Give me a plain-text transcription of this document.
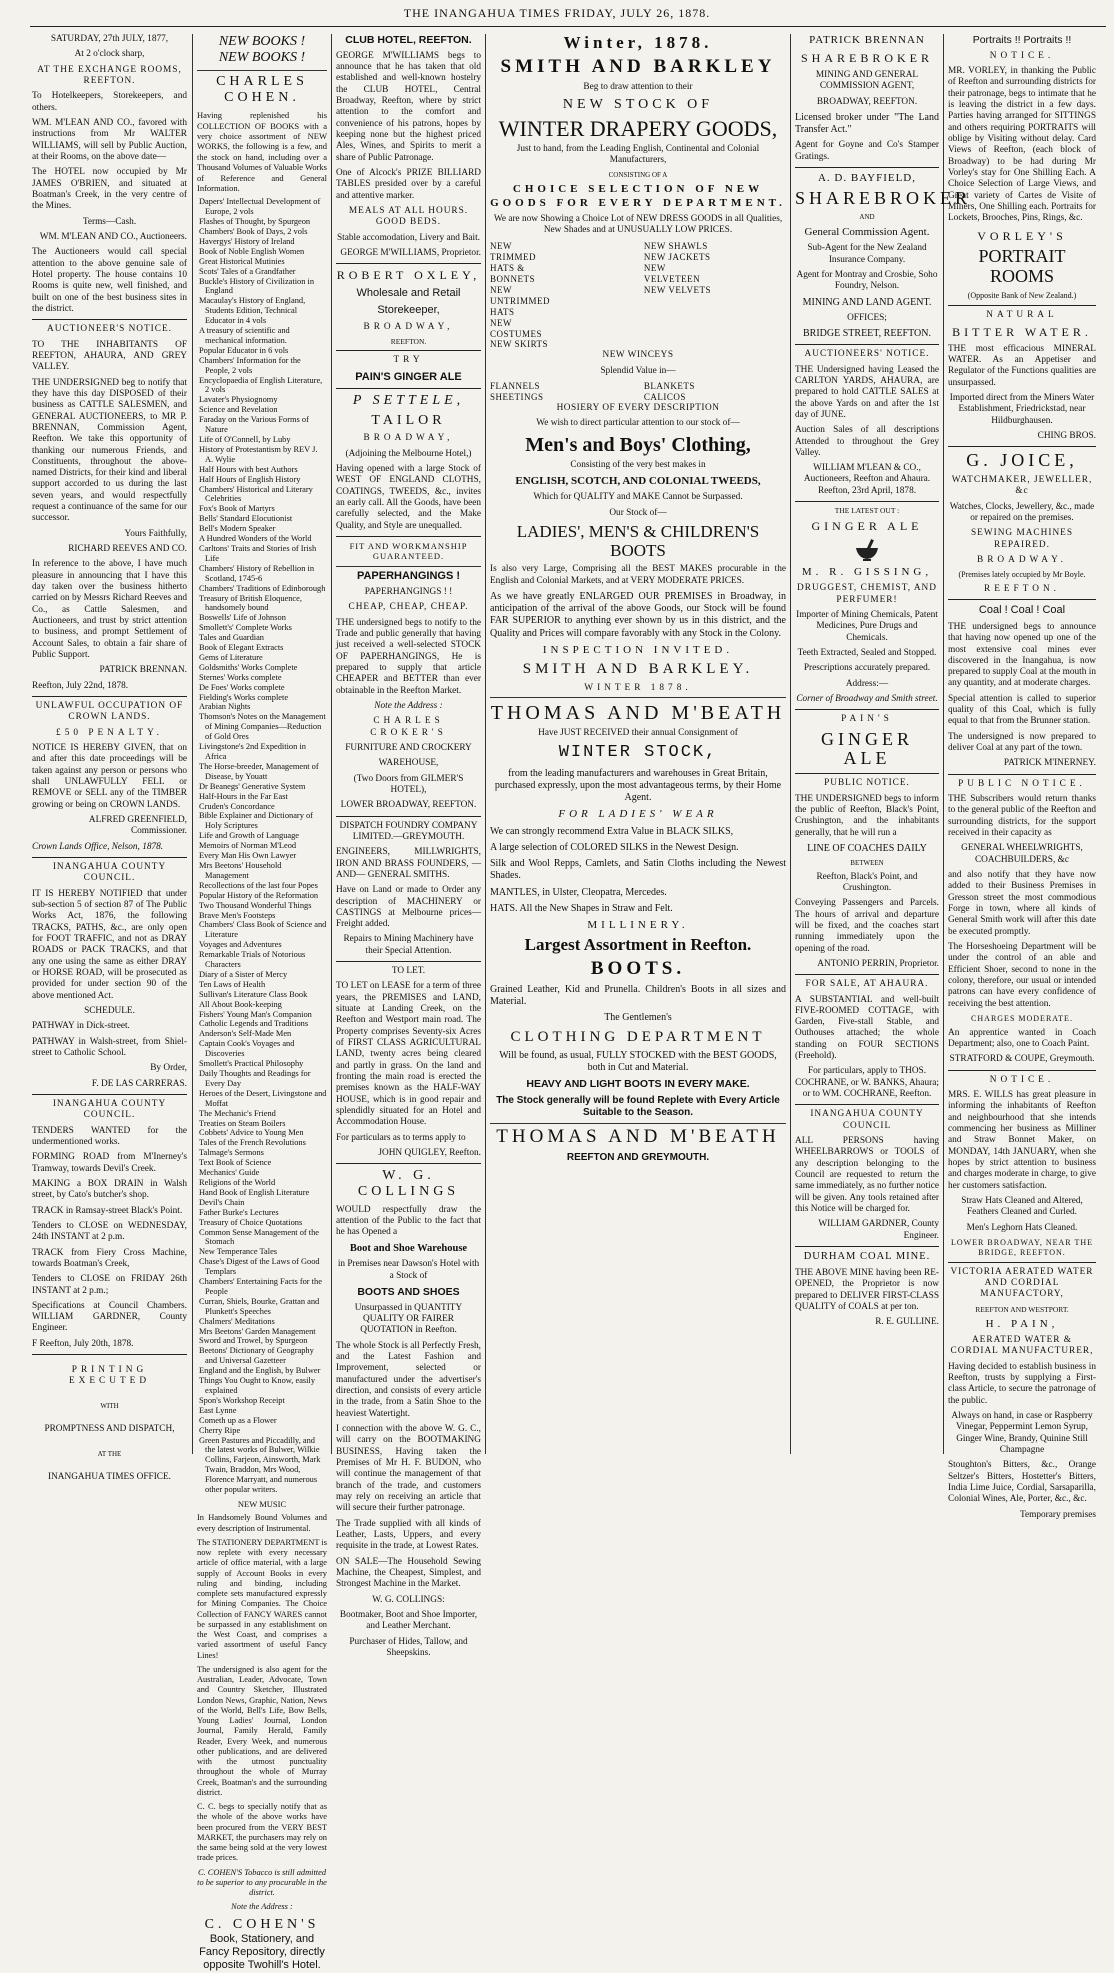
THE INANGAHUA TIMES FRIDAY, JULY 26, 1878.

SATURDAY, 27th JULY, 1877,

At 2 o'clock sharp,

AT THE EXCHANGE ROOMS, REEFTON.

To Hotelkeepers, Storekeepers, and others.

WM. M'LEAN AND CO., favored with instructions from Mr WALTER WILLIAMS, will sell by Public Auction, at their Rooms, on the above date—

The HOTEL now occupied by Mr JAMES O'BRIEN, and situated at Boatman's Creek, in the very centre of the Mines.

Terms—Cash.

WM. M'LEAN AND CO., Auctioneers.

The Auctioneers would call special attention to the above genuine sale of Hotel property. The house contains 10 Rooms is quite new, well finished, and built on one of the best business sites in the district.

AUCTIONEER'S NOTICE.

TO THE INHABITANTS OF REEFTON, AHAURA, AND GREY VALLEY.

THE UNDERSIGNED beg to notify that they have this day DISPOSED of their business as CATTLE SALESMEN, and GENERAL AUCTIONEERS, to MR P. BRENNAN, Commission Agent, Reefton. We take this opportunity of thanking our numerous Friends, and Constituents, throughout the above-named Districts, for their kind and liberal support accorded to us during the last seven years, and would respectfully request a continuance of the same for our successor.

Yours Faithfully,

RICHARD REEVES AND CO.

In reference to the above, I have much pleasure in announcing that I have this day taken over the business hitherto carried on by Messrs Richard Reeves and Co., as Cattle Salesmen, and Auctioneers, and trust by strict attention to business, and prompt Settlement of Account Sales, to obtain a fair share of Public Support.

PATRICK BRENNAN.

Reefton, July 22nd, 1878.

UNLAWFUL OCCUPATION OF CROWN LANDS.

£50 PENALTY.

NOTICE IS HEREBY GIVEN, that on and after this date proceedings will be taken against any person or persons who shall UNLAWFULLY FELL or REMOVE or SELL any of the TIMBER growing or being on CROWN LANDS.

ALFRED GREENFIELD, Commissioner.

Crown Lands Office, Nelson, 1878.

INANGAHUA COUNTY COUNCIL.

IT IS HEREBY NOTIFIED that under sub-section 5 of section 87 of The Public Works Act, 1876, the following TRACKS, PATHS, &c., are only open for FOOT TRAFFIC, and not as DRAY ROADS or PACK TRACKS, and that any one using the same as either DRAY or HORSE ROAD, will be prosecuted as provided for under section 90 of the above mentioned Act.

SCHEDULE.

PATHWAY in Dick-street.

PATHWAY in Walsh-street, from Shiel-street to Catholic School.

By Order,

F. DE LAS CARRERAS.

INANGAHUA COUNTY COUNCIL.

TENDERS WANTED for the undermentioned works.

FORMING ROAD from M'Inerney's Tramway, towards Devil's Creek.

MAKING a BOX DRAIN in Walsh street, by Cato's butcher's shop.

TRACK in Ramsay-street Black's Point.

Tenders to CLOSE on WEDNESDAY, 24th INSTANT at 2 p.m.

TRACK from Fiery Cross Machine, towards Boatman's Creek,

Tenders to CLOSE on FRIDAY 26th INSTANT at 2 p.m.;

Specifications at Council Chambers. WILLIAM GARDNER, County Engineer.

F Reefton, July 20th, 1878.

PRINTING EXECUTED

WITH

PROMPTNESS AND DISPATCH,

AT THE

INANGAHUA TIMES OFFICE.

NEW BOOKS !

NEW BOOKS !

CHARLES COHEN.

Having replenished his COLLECTION OF BOOKS with a very choice assortment of NEW WORKS, the following is a few, and the stock on hand, including over a Thousand Volumes of Valuable Works of Reference and General Information.

Dapers' Intellectual Development of Europe, 2 vols
Flashes of Thought, by Spurgeon
Chambers' Book of Days, 2 vols
Havergys' History of Ireland
Book of Noble English Women
Great Historical Mutinies
Scots' Tales of a Grandfather
Buckle's History of Civilization in England
Macaulay's History of England, Students Edition, Technical Educator in 4 vols
A treasury of scientific and mechanical information.
Popular Educator in 6 vols
Chambers' Information for the People, 2 vols
Encyclopaedia of English Literature, 2 vols
Lavater's Physiognomy
Science and Revelation
Faraday on the Various Forms of Nature
Life of O'Connell, by Luby
History of Protestantism by REV J. A. Wylie
Half Hours with best Authors
Half Hours of English History
Chambers' Historical and Literary Celebrities
Fox's Book of Martyrs
Bells' Standard Elocutionist
Bell's Modern Speaker
A Hundred Wonders of the World
Carltons' Traits and Stories of Irish Life
Chambers' History of Rebellion in Scotland, 1745-6
Chambers' Traditions of Edinborough
Treasury of British Eloquence, handsomely bound
Boswells' Life of Johnson
Smollett's' Complete Works
Tales and Guardian
Book of Elegant Extracts
Gems of Literature
Goldsmiths' Works Complete
Sternes' Works complete
De Foes' Works complete
Fielding's Works complete
Arabian Nights
Thomson's Notes on the Management of Mining Companies—Reduction of Gold Ores
Livingstone's 2nd Expedition in Africa
The Horse-breeder, Management of Disease, by Youatt
Dr Beanegs' Generative System
Half-Hours in the Far East
Cruden's Concordance
Bible Explainer and Dictionary of Holy Scriptures
Life and Growth of Language
Memoirs of Norman M'Leod
Every Man His Own Lawyer
Mrs Beetons' Household Management
Recollections of the last four Popes
Popular History of the Reformation
Two Thousand Wonderful Things
Brave Men's Footsteps
Chambers' Class Book of Science and Literature
Voyages and Adventures
Remarkable Trials of Notorious Characters
Diary of a Sister of Mercy
Ten Laws of Health
Sullivan's Literature Class Book
All About Book-keeping
Fishers' Young Man's Companion
Catholic Legends and Traditions
Anderson's Self-Made Men
Captain Cook's Voyages and Discoveries
Smollett's Practical Philosophy
Daily Thoughts and Readings for Every Day
Heroes of the Desert, Livingstone and Moffat
The Mechanic's Friend
Treaties on Steam Boilers
Cobbets' Advice to Young Men
Tales of the French Revolutions
Talmage's Sermons
Text Book of Science
Mechanics' Guide
Religions of the World
Hand Book of English Literature
Devil's Chain
Father Burke's Lectures
Treasury of Choice Quotations
Common Sense Management of the Stomach
New Temperance Tales
Chase's Digest of the Laws of Good Templars
Chambers' Entertaining Facts for the People
Curran, Shiels, Bourke, Grattan and Plunkett's Speeches
Chalmers' Meditations
Mrs Beetons' Garden Management
Sword and Trowel, by Spurgeon
Beetons' Dictionary of Geography and Universal Gazetteer
England and the English, by Bulwer
Things You Ought to Know, easily explained
Spon's Workshop Receipt
East Lynne
Cometh up as a Flower
Cherry Ripe
Green Pastures and Piccadilly, and the latest works of Bulwer, Wilkie Collins, Farjeon, Ainsworth, Mark Twain, Braddon, Mrs Wood, Florence Marryatt, and numerous other popular writers.

NEW MUSIC

In Handsomely Bound Volumes and every description of Instrumental.

The STATIONERY DEPARTMENT is now replete with every necessary article of office material, with a large supply of Account Books in every ruling and binding, including complete sets manufactured expressly for Mining Companies. The Choice Collection of FANCY WARES cannot be surpassed in any establishment on the West Coast, and comprises a varied assortment of useful Fancy Lines!

The undersigned is also agent for the Australian, Leader, Advocate, Town and Country Sketcher, Illustrated London News, Graphic, Nation, News of the World, Bell's Life, Bow Bells, Young Ladies' Journal, London Journal, Family Herald, Family Reader, Every Week, and numerous other publications, and are delivered with the utmost punctuality throughout the whole of Murray Creek, Boatman's and the surrounding district.

C. C. begs to specially notify that as the whole of the above works have been procured from the VERY BEST MARKET, the purchasers may rely on the same being sold at the very lowest trade prices.

C. COHEN'S Tobacco is still admitted to be superior to any procurable in the district.

Note the Address :

C. COHEN'S

Book, Stationery, and Fancy Repository, directly opposite Twohill's Hotel.

CLUB HOTEL, REEFTON.

GEORGE M'WILLIAMS begs to announce that he has taken that old established and well-known hostelry the CLUB HOTEL, Central Broadway, Reefton, where by strict attention to the comfort and convenience of his patrons, hopes by keeping none but the highest priced Ales, Wines, and Spirits to merit a share of Public Patronage.

One of Alcock's PRIZE BILLIARD TABLES presided over by a careful and attentive marker.

MEALS AT ALL HOURS. GOOD BEDS.

Stable accomodation, Livery and Bait.

GEORGE M'WILLIAMS, Proprietor.

ROBERT OXLEY,

Wholesale and Retail

Storekeeper,

BROADWAY,

REEFTON.

TRY

PAIN'S GINGER ALE

P SETTELE,

TAILOR

BROADWAY,

(Adjoining the Melbourne Hotel,)

Having opened with a large Stock of WEST OF ENGLAND CLOTHS, COATINGS, TWEEDS, &c., invites an early call. All the Goods, have been carefully selected, and the Make Quality, and Style are unequalled.

FIT AND WORKMANSHIP GUARANTEED.

PAPERHANGINGS !

PAPERHANGINGS ! !

CHEAP, CHEAP, CHEAP.

THE undersigned begs to notify to the Trade and public generally that having just received a well-selected STOCK OF PAPERHANGINGS, He is prepared to supply that article CHEAPER and BETTER than ever obtainable in the Reefton Market.

Note the Address :

CHARLES CROKER'S

FURNITURE AND CROCKERY

WAREHOUSE,

(Two Doors from GILMER'S HOTEL),

LOWER BROADWAY, REEFTON.

DISPATCH FOUNDRY COMPANY LIMITED.—GREYMOUTH.

ENGINEERS, MILLWRIGHTS, IRON AND BRASS FOUNDERS, —AND— GENERAL SMITHS.

Have on Land or made to Order any description of MACHINERY or CASTINGS at Melbourne prices—Freight added.

Repairs to Mining Machinery have their Special Attention.

TO LET.

TO LET on LEASE for a term of three years, the PREMISES and LAND, situate at Landing Creek, on the Reefton and Westport main road. The Property comprises Seventy-six Acres of FIRST CLASS AGRICULTURAL LAND, twenty acres being cleared and partly in grass. On the land and fronting the main road is erected the premises known as the HALF-WAY HOUSE, which is in good repair and splendidly situated for an Hotel and Accommodation House.

For particulars as to terms apply to

JOHN QUIGLEY, Reefton.

W. G. COLLINGS

WOULD respectfully draw the attention of the Public to the fact that he has Opened a

Boot and Shoe Warehouse

in Premises near Dawson's Hotel with a Stock of

BOOTS AND SHOES

Unsurpassed in QUANTITY QUALITY OR FAIRER QUOTATION in Reefton.

The whole Stock is all Perfectly Fresh, and the Latest Fashion and Improvement, selected or manufactured under the advertiser's direction, and consists of every article in the trade, from a Satin Shoe to the heaviest Watertight.

I connection with the above W. G. C., will carry on the BOOTMAKING BUSINESS, Having taken the Premises of Mr H. F. BUDON, who will continue the management of that branch of the trade, and customers may rely on receiving an article that will secure their further patronage.

The Trade supplied with all kinds of Leather, Lasts, Uppers, and every requisite in the trade, at Lowest Rates.

ON SALE—The Household Sewing Machine, the Cheapest, Simplest, and Strongest Machine in the Market.

W. G. COLLINGS:

Bootmaker, Boot and Shoe Importer, and Leather Merchant.

Purchaser of Hides, Tallow, and Sheepskins.

Winter, 1878.

SMITH AND BARKLEY

Beg to draw attention to their

NEW STOCK OF

WINTER DRAPERY GOODS,

Just to hand, from the Leading English, Continental and Colonial Manufacturers,

CONSISTING OF A

CHOICE SELECTION OF NEW GOODS FOR EVERY DEPARTMENT.

We are now Showing a Choice Lot of NEW DRESS GOODS in all Qualities, New Shades and at UNUSUALLY LOW PRICES.

NEW TRIMMED HATS & BONNETS
NEW UNTRIMMED HATS
NEW COSTUMES
NEW SKIRTS
NEW SHAWLS
NEW JACKETS
NEW VELVETEEN
NEW VELVETS

NEW WINCEYS

Splendid Value in—

FLANNELS
SHEETINGS
BLANKETS
CALICOS

HOSIERY OF EVERY DESCRIPTION

We wish to direct particular attention to our stock of—

Men's and Boys' Clothing,

Consisting of the very best makes in

ENGLISH, SCOTCH, AND COLONIAL TWEEDS,

Which for QUALITY and MAKE Cannot be Surpassed.

Our Stock of—

LADIES', MEN'S & CHILDREN'S BOOTS

Is also very Large, Comprising all the BEST MAKES procurable in the English and Colonial Markets, and at VERY MODERATE PRICES.

As we have greatly ENLARGED OUR PREMISES in Broadway, in anticipation of the arrival of the above Goods, our Stock will be found FAR SUPERIOR to anything ever shown by us in this district, and the Quality and Prices will compare favorably with any Stock in the Colony.

INSPECTION INVITED.

SMITH AND BARKLEY.

WINTER 1878.

THOMAS AND M'BEATH

Have JUST RECEIVED their annual Consignment of

WINTER STOCK,

from the leading manufacturers and warehouses in Great Britain, purchased expressly, upon the most advantageous terms, by their Home Agent.

FOR LADIES' WEAR

We can strongly recommend Extra Value in BLACK SILKS,

A large selection of COLORED SILKS in the Newest Design.

Silk and Wool Repps, Camlets, and Satin Cloths including the Newest Shades.

MANTLES, in Ulster, Cleopatra, Mercedes.

HATS. All the New Shapes in Straw and Felt.

MILLINERY.

Largest Assortment in Reefton.

BOOTS.

Grained Leather, Kid and Prunella. Children's Boots in all sizes and Material.

The Gentlemen's

CLOTHING DEPARTMENT

Will be found, as usual, FULLY STOCKED with the BEST GOODS, both in Cut and Material.

HEAVY AND LIGHT BOOTS IN EVERY MAKE.

The Stock generally will be found Replete with Every Article Suitable to the Season.

THOMAS AND M'BEATH

REEFTON AND GREYMOUTH.

PATRICK BRENNAN

SHAREBROKER

MINING AND GENERAL COMMISSION AGENT,

BROADWAY, REEFTON.

Licensed broker under "The Land Transfer Act."

Agent for Goyne and Co's Stamper Gratings.

A. D. BAYFIELD,

SHAREBROKER

AND

General Commission Agent.

Sub-Agent for the New Zealand Insurance Company.

Agent for Montray and Crosbie, Soho Foundry, Nelson.

MINING AND LAND AGENT.

OFFICES;

BRIDGE STREET, REEFTON.

AUCTIONEERS' NOTICE.

THE Undersigned having Leased the CARLTON YARDS, AHAURA, are prepared to hold CATTLE SALES at the above Yards on and after the 1st day of JUNE.

Auction Sales of all descriptions Attended to throughout the Grey Valley.

WILLIAM M'LEAN & CO., Auctioneers, Reefton and Ahaura. Reefton, 23rd April, 1878.

THE LATEST OUT :

GINGER ALE

M. R. GISSING,

DRUGGEST, CHEMIST, AND PERFUMER!

Importer of Mining Chemicals, Patent Medicines, Pure Drugs and Chemicals.

Teeth Extracted, Sealed and Stopped.

Prescriptions accurately prepared.

Address:—

Corner of Broadway and Smith street.

PAIN'S

GINGER ALE

PUBLIC NOTICE.

THE UNDERSIGNED begs to inform the public of Reefton, Black's Point, Crushington, and the inhabitants generally, that he will run a

LINE OF COACHES DAILY

BETWEEN

Reefton, Black's Point, and Crushington.

Conveying Passengers and Parcels. The hours of arrival and departure will be fixed, and the coaches start running immediately upon the opening of the road.

ANTONIO PERRIN, Proprietor.

FOR SALE, AT AHAURA.

A SUBSTANTIAL and well-built FIVE-ROOMED COTTAGE, with Garden, Five-stall Stable, and Outhouses attached; the whole standing on FOUR SECTIONS (Freehold).

For particulars, apply to THOS. COCHRANE, or W. BANKS, Ahaura; or to WM. COCHRANE, Reefton.

INANGAHUA COUNTY COUNCIL

ALL PERSONS having WHEELBARROWS or TOOLS of any description belonging to the Council are requested to return the same immediately, as no further notice will be given. Any tools retained after this Notice will be charged for.

WILLIAM GARDNER, County Engineer.

DURHAM COAL MINE.

THE ABOVE MINE having been RE-OPENED, the Proprietor is now prepared to DELIVER FIRST-CLASS QUALITY of COALS at per ton.

R. E. GULLINE.

Portraits !! Portraits !!

NOTICE.

MR. VORLEY, in thanking the Public of Reefton and surrounding districts for their patronage, begs to intimate that he is leaving the district in a few days. Parties having arranged for SITTINGS and others requiring PORTRAITS will oblige by Visiting without delay. Card Views of Reefton, (each block of Broadway) to be had during Mr Vorley's stay for One Shilling Each. A Choice Selection of Large Views, and Great variety of Cartes de Visite of Miners, One Shilling each. Portraits for Lockets, Brooches, Pins, Rings, &c.

VORLEY'S

PORTRAIT ROOMS

(Opposite Bank of New Zealand.)

NATURAL

BITTER WATER.

THE most efficacious MINERAL WATER. As an Appetiser and Regulator of the Functions qualities are unsurpassed.

Imported direct from the Miners Water Establishment, Friedrickstad, near Hildburghausen.

CHING BROS.

G. JOICE,

WATCHMAKER, JEWELLER, &c

Watches, Clocks, Jewellery, &c., made or repaired on the premises.

SEWING MACHINES REPAIRED.

BROADWAY.

(Premises lately occupied by Mr Boyle.

REEFTON.

Coal ! Coal ! Coal

THE undersigned begs to announce that having now opened up one of the most extensive coal mines ever discovered in the Inangahua, is now prepared to supply Coal at the mouth in any quantity, and at moderate charges.

Special attention is called to superior quality of this Coal, which is fully equal to that from the Brunner station.

The undersigned is now prepared to deliver Coal at any part of the town.

PATRICK M'INERNEY.

PUBLIC NOTICE.

THE Subscribers would return thanks to the general public of the Reefton and surrounding districts, for the support received in their capacity as

GENERAL WHEELWRIGHTS, COACHBUILDERS, &c

and also notify that they have now added to their Business Premises in Gresson street the most commodious Forge in town, where all kinds of General Smith work will after this date be executed promptly.

The Horseshoeing Department will be under the control of an able and Efficient Shoer, second to none in the colony, therefore, our usual or intended patrons can have every confidence of receiving the best attention.

CHARGES MODERATE.

An apprentice wanted in Coach Department; also, one to Coach Paint.

STRATFORD & COUPE, Greymouth.

NOTICE.

MRS. E. WILLS has great pleasure in informing the inhabitants of Reefton and neighbourhood that she intends commencing her business as Milliner and Straw Bonnet Maker, on MONDAY, 14th JANUARY, when she hopes by strict attention to business and charges moderate in charge, to give her customers satisfaction.

Straw Hats Cleaned and Altered, Feathers Cleaned and Curled.

Men's Leghorn Hats Cleaned.

LOWER BROADWAY, NEAR THE BRIDGE, REEFTON.

VICTORIA AERATED WATER AND CORDIAL MANUFACTORY,

REEFTON AND WESTPORT.

H. PAIN,

AERATED WATER & CORDIAL MANUFACTURER,

Having decided to establish business in Reefton, trusts by supplying a First-class Article, to secure the patronage of the public.

Always on hand, in case or Raspberry Vinegar, Peppermint Lemon Syrup, Ginger Wine, Brandy, Quinine Still Champagne

Stoughton's Bitters, &c., Orange Seltzer's Bitters, Hostetter's Bitters, India Lime Juice, Cordial, Sarsaparilla, Colonial Wines, Ale, Porter, &c., &c.

Temporary premises
